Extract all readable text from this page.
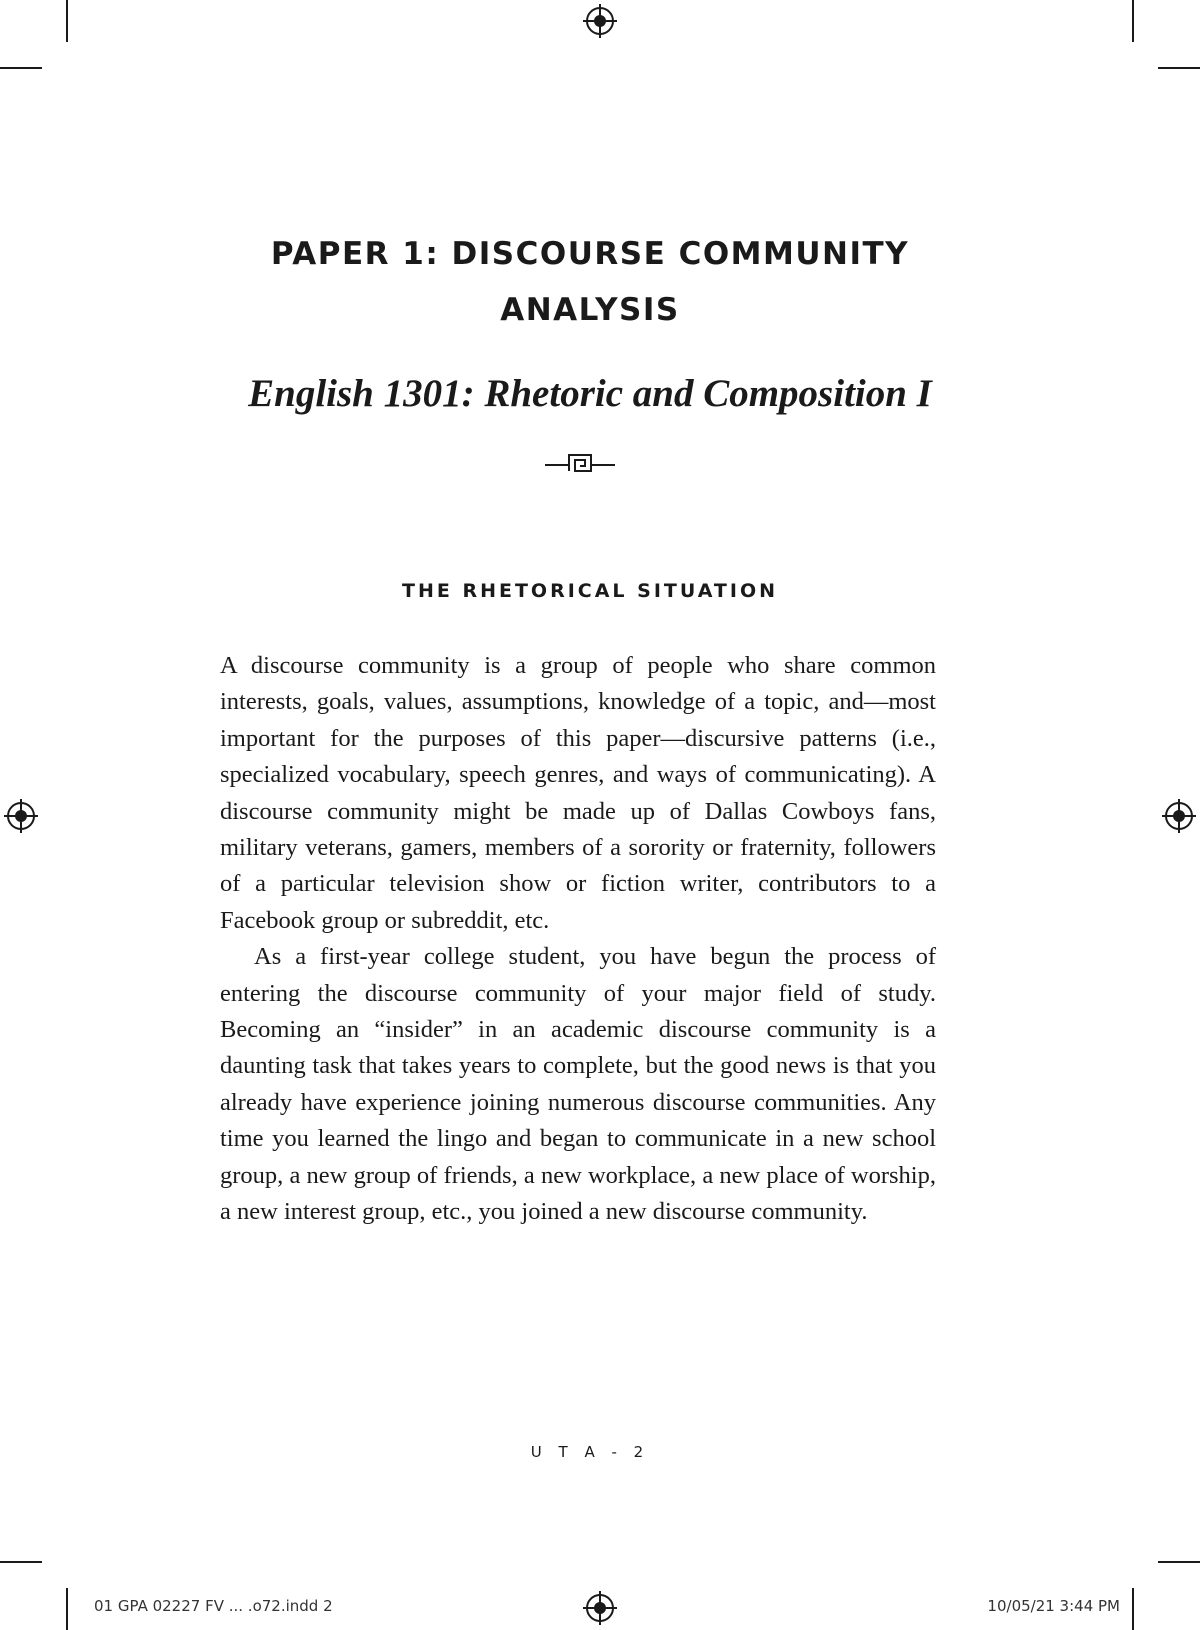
PAPER 1: DISCOURSE COMMUNITY ANALYSIS
English 1301: Rhetoric and Composition I
THE RHETORICAL SITUATION

A discourse community is a group of people who share common interests, goals, values, assumptions, knowledge of a topic, and—most important for the purposes of this paper—discursive patterns (i.e., specialized vocabulary, speech genres, and ways of communicating). A discourse community might be made up of Dallas Cowboys fans, military veterans, gamers, members of a sorority or fraternity, followers of a particular television show or fiction writer, contributors to a Facebook group or subreddit, etc.

As a first-year college student, you have begun the process of entering the discourse community of your major field of study. Becoming an “insider” in an academic discourse community is a daunting task that takes years to complete, but the good news is that you already have experience joining numerous discourse communities. Any time you learned the lingo and began to communicate in a new school group, a new group of friends, a new workplace, a new place of worship, a new interest group, etc., you joined a new discourse community.

U T A - 2

01 GPA 02227 FV ... .o72.indd 2	10/05/21 3:44 PM
